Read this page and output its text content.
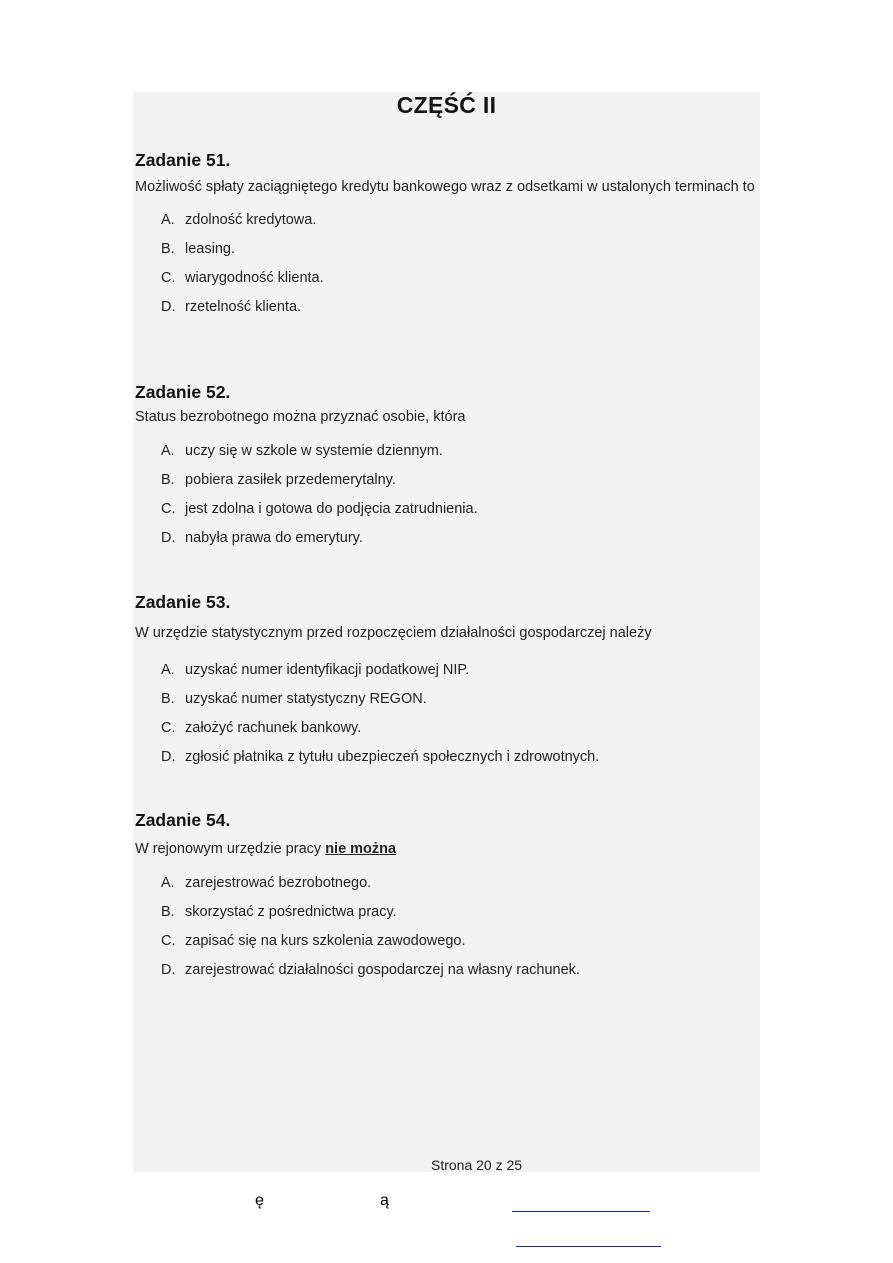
CZĘŚĆ II

Zadanie 51.

Możliwość spłaty zaciągniętego kredytu bankowego wraz z odsetkami w ustalonych terminach to

A. zdolność kredytowa.
B. leasing.
C. wiarygodność klienta.
D. rzetelność klienta.

Zadanie 52.

Status bezrobotnego można przyznać osobie, która

A. uczy się w szkole w systemie dziennym.
B. pobiera zasiłek przedemerytalny.
C. jest zdolna i gotowa do podjęcia zatrudnienia.
D. nabyła prawa do emerytury.

Zadanie 53.

W urzędzie statystycznym przed rozpoczęciem działalności gospodarczej należy

A. uzyskać numer identyfikacji podatkowej NIP.
B. uzyskać numer statystyczny REGON.
C. założyć rachunek bankowy.
D. zgłosić płatnika z tytułu ubezpieczeń społecznych i zdrowotnych.

Zadanie 54.

W rejonowym urzędzie pracy nie można

A. zarejestrować bezrobotnego.
B. skorzystać z pośrednictwa pracy.
C. zapisać się na kurs szkolenia zawodowego.
D. zarejestrować działalności gospodarczej na własny rachunek.
Strona 20 z 25
ę	ą
